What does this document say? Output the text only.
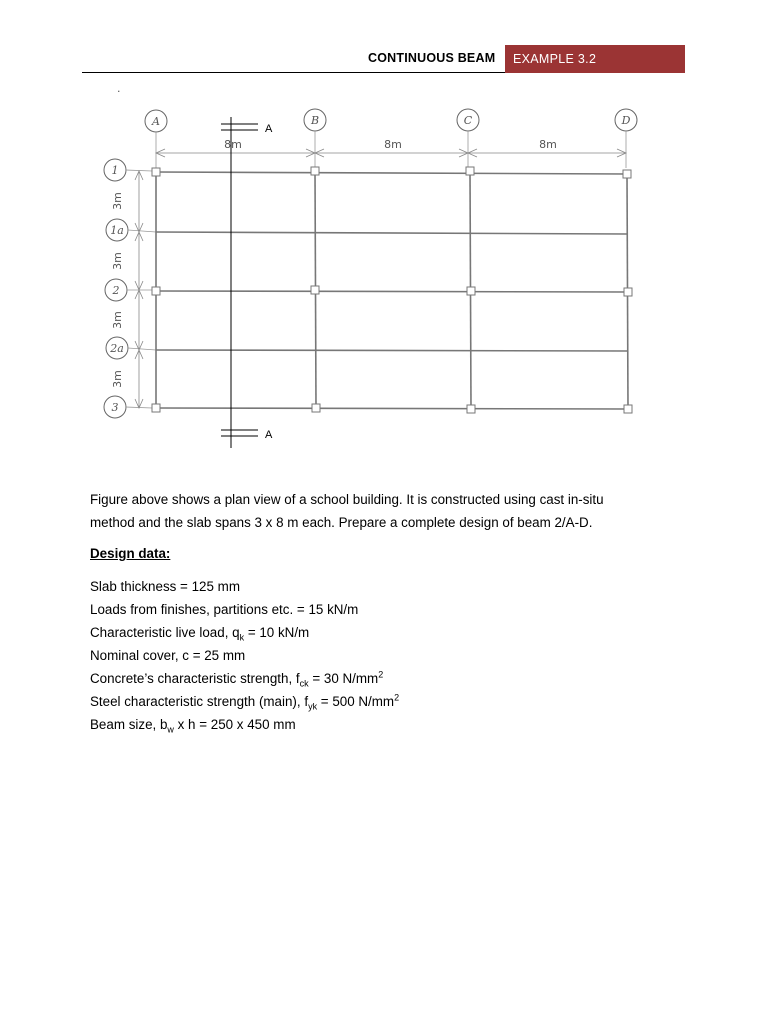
CONTINUOUS BEAM	EXAMPLE 3.2
.
A	B	C	D
8m	8m	8m
1
1a
2
2a
3
3m
3m
3m
3m
A
A

Figure above shows a plan view of a school building. It is constructed using cast in-situ
method and the slab spans 3 x 8 m each. Prepare a complete design of beam 2/A-D.

Design data:

Slab thickness = 125 mm

Loads from finishes, partitions etc. = 15 kN/m

Characteristic live load, $q_k = 10$ kN/m

Nominal cover, c = 25 mm

Concrete’s characteristic strength, $f_{ck} = 30$ $N/mm^2$

Steel characteristic strength (main), $f_{yk} = 500$ $N/mm^2$

Beam size, $b_w$ x h = 250 x 450 mm
